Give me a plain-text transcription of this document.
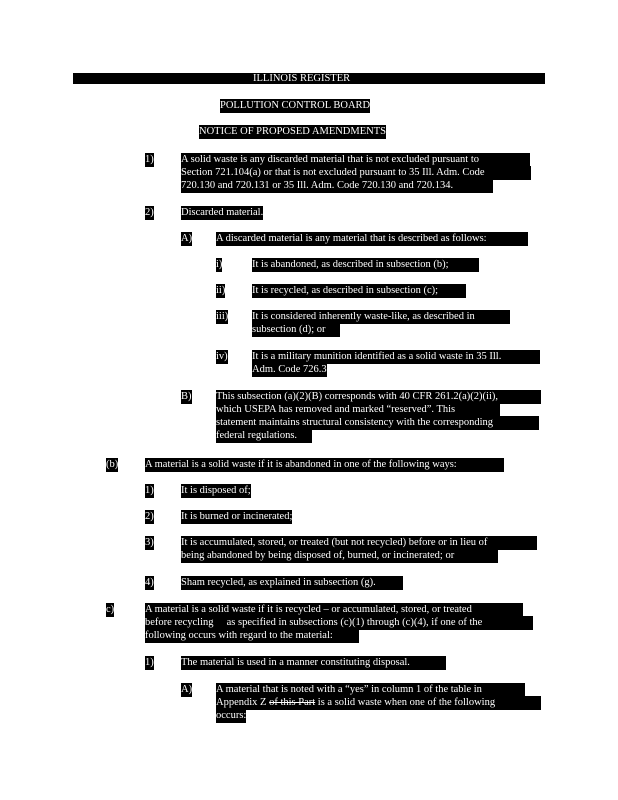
ILLINOIS REGISTER
POLLUTION CONTROL BOARD
NOTICE OF PROPOSED AMENDMENTS
1)	A solid waste is any discarded material that is not excluded pursuant to
Section 721.104(a) or that is not excluded pursuant to 35 Ill. Adm. Code
720.130 and 720.131 or 35 Ill. Adm. Code 720.130 and 720.134.
2)	Discarded material.
A) A discarded material is any material that is described as follows:
i)	It is abandoned, as described in subsection (b);
ii)	It is recycled, as described in subsection (c);
iii) It is considered inherently waste-like, as described in
subsection (d); or
iv) It is a military munition identified as a solid waste in 35 Ill.
Adm. Code 726.302.
B) This subsection (a)(2)(B) corresponds with 40 CFR 261.2(a)(2)(ii),
which USEPA has removed and marked “reserved”. This
statement maintains structural consistency with the corresponding
federal regulations.
(b)	A material is a solid waste if it is abandoned in one of the following ways:
1)	It is disposed of;
2)	It is burned or incinerated;
3)	It is accumulated, stored, or treated (but not recycled) before or in lieu of
being abandoned by being disposed of, burned, or incinerated; or
4)	Sham recycled, as explained in subsection (g).
c)	A material is a solid waste if it is recycled – or accumulated, stored, or treated
before recycling     as specified in subsections (c)(1) through (c)(4), if one of the
following occurs with regard to the material:
1)	The material is used in a manner constituting disposal.
A) A material that is noted with a “yes” in column 1 of the table in
Appendix Z of this Part is a solid waste when one of the following
occurs:
